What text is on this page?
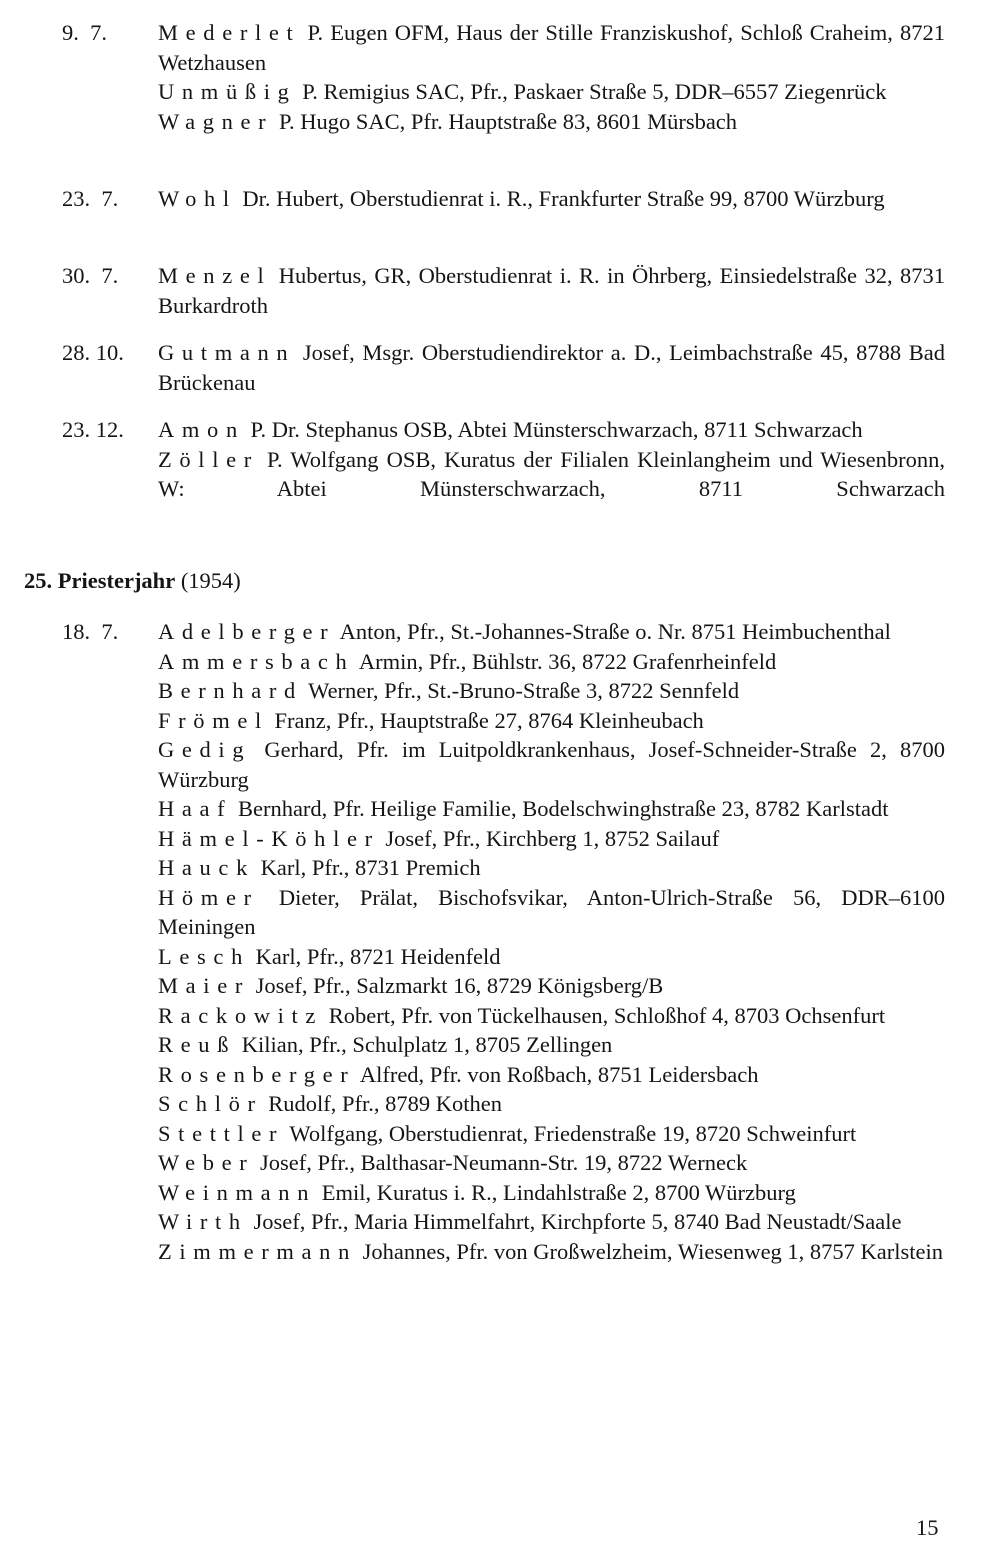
9.  7.	Mederlet P. Eugen OFM, Haus der Stille Franziskushof, Schloß Craheim, 8721 Wetzhausen
Unmüßig P. Remigius SAC, Pfr., Paskaer Straße 5, DDR–6557 Ziegenrück
Wagner P. Hugo SAC, Pfr. Hauptstraße 83, 8601 Mürsbach
23.  7.	Wohl Dr. Hubert, Oberstudienrat i. R., Frankfurter Straße 99, 8700 Würzburg
30.  7.	Menzel Hubertus, GR, Oberstudienrat i. R. in Öhrberg, Einsiedelstraße 32, 8731 Burkardroth
28. 10.	Gutmann Josef, Msgr. Oberstudiendirektor a. D., Leimbachstraße 45, 8788 Bad Brückenau
23. 12.	Amon P. Dr. Stephanus OSB, Abtei Münsterschwarzach, 8711 Schwarzach
Zöller P. Wolfgang OSB, Kuratus der Filialen Kleinlangheim und Wiesenbronn, W: Abtei Münsterschwarzach, 8711 Schwarzach
25. Priesterjahr (1954)
18.  7.	Adelberger Anton, Pfr., St.-Johannes-Straße o. Nr. 8751 Heimbuchenthal
Ammersbach Armin, Pfr., Bühlstr. 36, 8722 Grafenrheinfeld
Bernhard Werner, Pfr., St.-Bruno-Straße 3, 8722 Sennfeld
Frömel Franz, Pfr., Hauptstraße 27, 8764 Kleinheubach
Gedig Gerhard, Pfr. im Luitpoldkrankenhaus, Josef-Schneider-Straße 2, 8700 Würzburg
Haaf Bernhard, Pfr. Heilige Familie, Bodelschwinghstraße 23, 8782 Karlstadt
Hämel-Köhler Josef, Pfr., Kirchberg 1, 8752 Sailauf
Hauck Karl, Pfr., 8731 Premich
Hömer Dieter, Prälat, Bischofsvikar, Anton-Ulrich-Straße 56, DDR–6100 Meiningen
Lesch Karl, Pfr., 8721 Heidenfeld
Maier Josef, Pfr., Salzmarkt 16, 8729 Königsberg/B
Rackowitz Robert, Pfr. von Tückelhausen, Schloßhof 4, 8703 Ochsenfurt
Reuß Kilian, Pfr., Schulplatz 1, 8705 Zellingen
Rosenberger Alfred, Pfr. von Roßbach, 8751 Leidersbach
Schlör Rudolf, Pfr., 8789 Kothen
Stettler Wolfgang, Oberstudienrat, Friedenstraße 19, 8720 Schweinfurt
Weber Josef, Pfr., Balthasar-Neumann-Str. 19, 8722 Werneck
Weinmann Emil, Kuratus i. R., Lindahlstraße 2, 8700 Würzburg
Wirth Josef, Pfr., Maria Himmelfahrt, Kirchpforte 5, 8740 Bad Neustadt/Saale
Zimmermann Johannes, Pfr. von Großwelzheim, Wiesenweg 1, 8757 Karlstein
15
